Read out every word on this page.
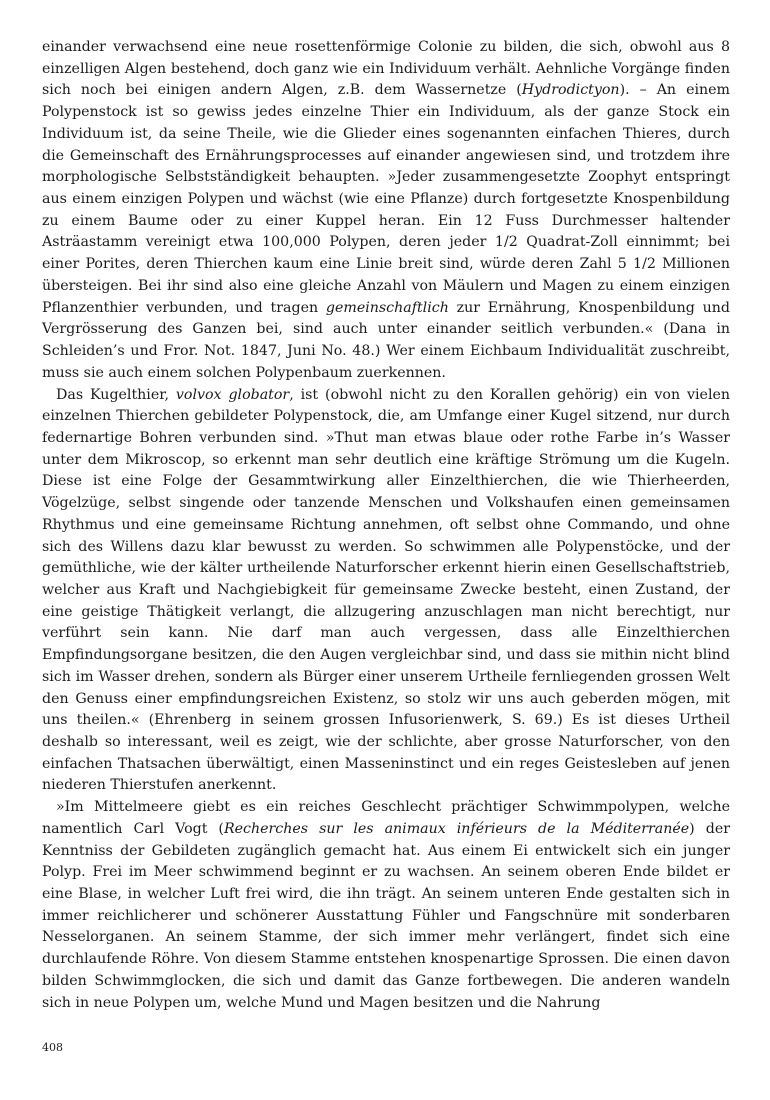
einander verwachsend eine neue rosettenförmige Colonie zu bilden, die sich, obwohl aus 8 einzelligen Algen bestehend, doch ganz wie ein Individuum verhält. Aehnliche Vorgänge finden sich noch bei einigen andern Algen, z.B. dem Wassernetze (Hydrodictyon). – An einem Polypenstock ist so gewiss jedes einzelne Thier ein Individuum, als der ganze Stock ein Individuum ist, da seine Theile, wie die Glieder eines sogenannten einfachen Thieres, durch die Gemeinschaft des Ernährungsprocesses auf einander angewiesen sind, und trotzdem ihre morphologische Selbstständigkeit behaupten. »Jeder zusammengesetzte Zoophyt entspringt aus einem einzigen Polypen und wächst (wie eine Pflanze) durch fortgesetzte Knospenbildung zu einem Baume oder zu einer Kuppel heran. Ein 12 Fuss Durchmesser haltender Asträastamm vereinigt etwa 100,000 Polypen, deren jeder 1/2 Quadrat-Zoll einnimmt; bei einer Porites, deren Thierchen kaum eine Linie breit sind, würde deren Zahl 5 1/2 Millionen übersteigen. Bei ihr sind also eine gleiche Anzahl von Mäulern und Magen zu einem einzigen Pflanzenthier verbunden, und tragen gemeinschaftlich zur Ernährung, Knospenbildung und Vergrösserung des Ganzen bei, sind auch unter einander seitlich verbunden.« (Dana in Schleiden’s und Fror. Not. 1847, Juni No. 48.) Wer einem Eichbaum Individualität zuschreibt, muss sie auch einem solchen Polypenbaum zuerkennen.

Das Kugelthier, volvox globator, ist (obwohl nicht zu den Korallen gehörig) ein von vielen einzelnen Thierchen gebildeter Polypenstock, die, am Umfange einer Kugel sitzend, nur durch federnartige Bohren verbunden sind. »Thut man etwas blaue oder rothe Farbe in’s Wasser unter dem Mikroscop, so erkennt man sehr deutlich eine kräftige Strömung um die Kugeln. Diese ist eine Folge der Gesammtwirkung aller Einzelthierchen, die wie Thierheerden, Vögelzüge, selbst singende oder tanzende Menschen und Volkshaufen einen gemeinsamen Rhythmus und eine gemeinsame Richtung annehmen, oft selbst ohne Commando, und ohne sich des Willens dazu klar bewusst zu werden. So schwimmen alle Polypenstöcke, und der gemüthliche, wie der kälter urtheilende Naturforscher erkennt hierin einen Gesellschaftstrieb, welcher aus Kraft und Nachgiebigkeit für gemeinsame Zwecke besteht, einen Zustand, der eine geistige Thätigkeit verlangt, die allzugering anzuschlagen man nicht berechtigt, nur verführt sein kann. Nie darf man auch vergessen, dass alle Einzelthierchen Empfindungsorgane besitzen, die den Augen vergleichbar sind, und dass sie mithin nicht blind sich im Wasser drehen, sondern als Bürger einer unserem Urtheile fernliegenden grossen Welt den Genuss einer empfindungsreichen Existenz, so stolz wir uns auch geberden mögen, mit uns theilen.« (Ehrenberg in seinem grossen Infusorienwerk, S. 69.) Es ist dieses Urtheil deshalb so interessant, weil es zeigt, wie der schlichte, aber grosse Naturforscher, von den einfachen Thatsachen überwältigt, einen Masseninstinct und ein reges Geistesleben auf jenen niederen Thierstufen anerkennt.

»Im Mittelmeere giebt es ein reiches Geschlecht prächtiger Schwimmpolypen, welche namentlich Carl Vogt (Recherches sur les animaux inférieurs de la Méditerranée) der Kenntniss der Gebildeten zugänglich gemacht hat. Aus einem Ei entwickelt sich ein junger Polyp. Frei im Meer schwimmend beginnt er zu wachsen. An seinem oberen Ende bildet er eine Blase, in welcher Luft frei wird, die ihn trägt. An seinem unteren Ende gestalten sich in immer reichlicherer und schönerer Ausstattung Fühler und Fangschnüre mit sonderbaren Nesselorganen. An seinem Stamme, der sich immer mehr verlängert, findet sich eine durchlaufende Röhre. Von diesem Stamme entstehen knospenartige Sprossen. Die einen davon bilden Schwimmglocken, die sich und damit das Ganze fortbewegen. Die anderen wandeln sich in neue Polypen um, welche Mund und Magen besitzen und die Nahrung

408
